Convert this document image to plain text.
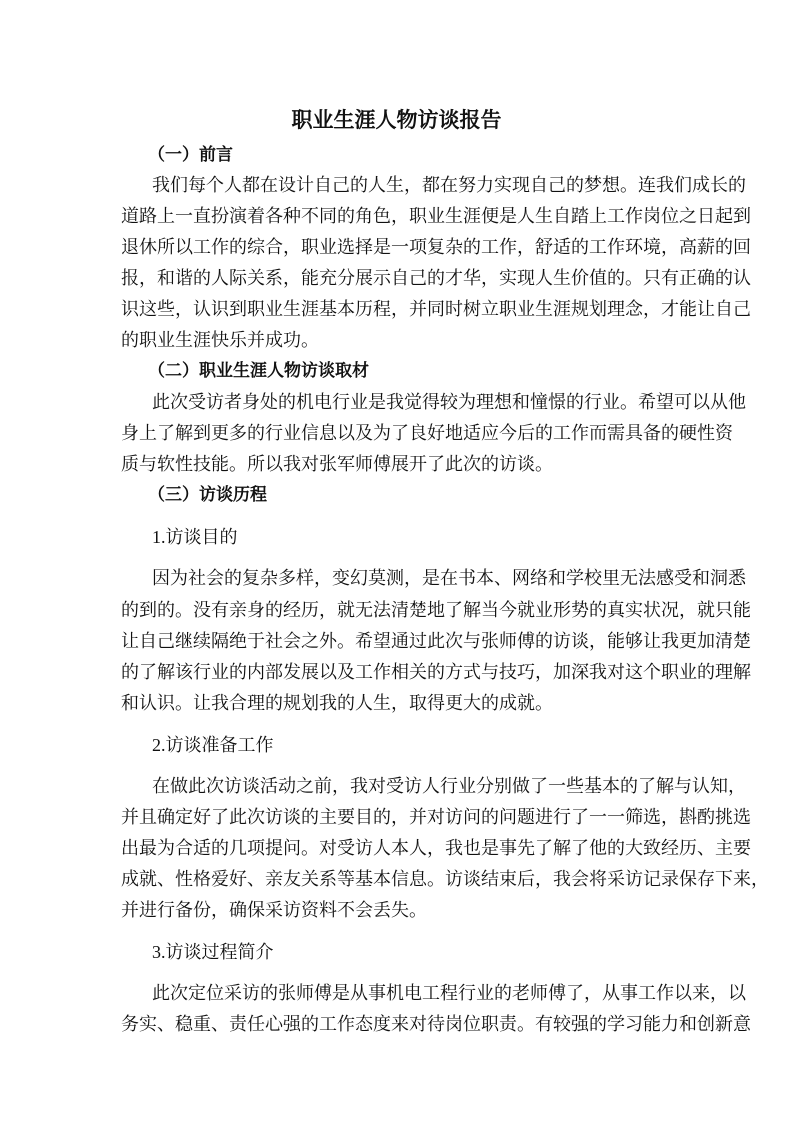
职业生涯人物访谈报告
（一）前言
我们每个人都在设计自己的人生，都在努力实现自己的梦想。连我们成长的
道路上一直扮演着各种不同的角色，职业生涯便是人生自踏上工作岗位之日起到
退休所以工作的综合，职业选择是一项复杂的工作，舒适的工作环境，高薪的回
报，和谐的人际关系，能充分展示自己的才华，实现人生价值的。只有正确的认
识这些，认识到职业生涯基本历程，并同时树立职业生涯规划理念，才能让自己
的职业生涯快乐并成功。
（二）职业生涯人物访谈取材
此次受访者身处的机电行业是我觉得较为理想和憧憬的行业。希望可以从他
身上了解到更多的行业信息以及为了良好地适应今后的工作而需具备的硬性资
质与软性技能。所以我对张军师傅展开了此次的访谈。
（三）访谈历程
1.访谈目的
因为社会的复杂多样，变幻莫测，是在书本、网络和学校里无法感受和洞悉
的到的。没有亲身的经历，就无法清楚地了解当今就业形势的真实状况，就只能
让自己继续隔绝于社会之外。希望通过此次与张师傅的访谈，能够让我更加清楚
的了解该行业的内部发展以及工作相关的方式与技巧，加深我对这个职业的理解
和认识。让我合理的规划我的人生，取得更大的成就。
2.访谈准备工作
在做此次访谈活动之前，我对受访人行业分别做了一些基本的了解与认知，
并且确定好了此次访谈的主要目的，并对访问的问题进行了一一筛选，斟酌挑选
出最为合适的几项提问。对受访人本人，我也是事先了解了他的大致经历、主要
成就、性格爱好、亲友关系等基本信息。访谈结束后，我会将采访记录保存下来，
并进行备份，确保采访资料不会丢失。
3.访谈过程简介
此次定位采访的张师傅是从事机电工程行业的老师傅了，从事工作以来，以
务实、稳重、责任心强的工作态度来对待岗位职责。有较强的学习能力和创新意
